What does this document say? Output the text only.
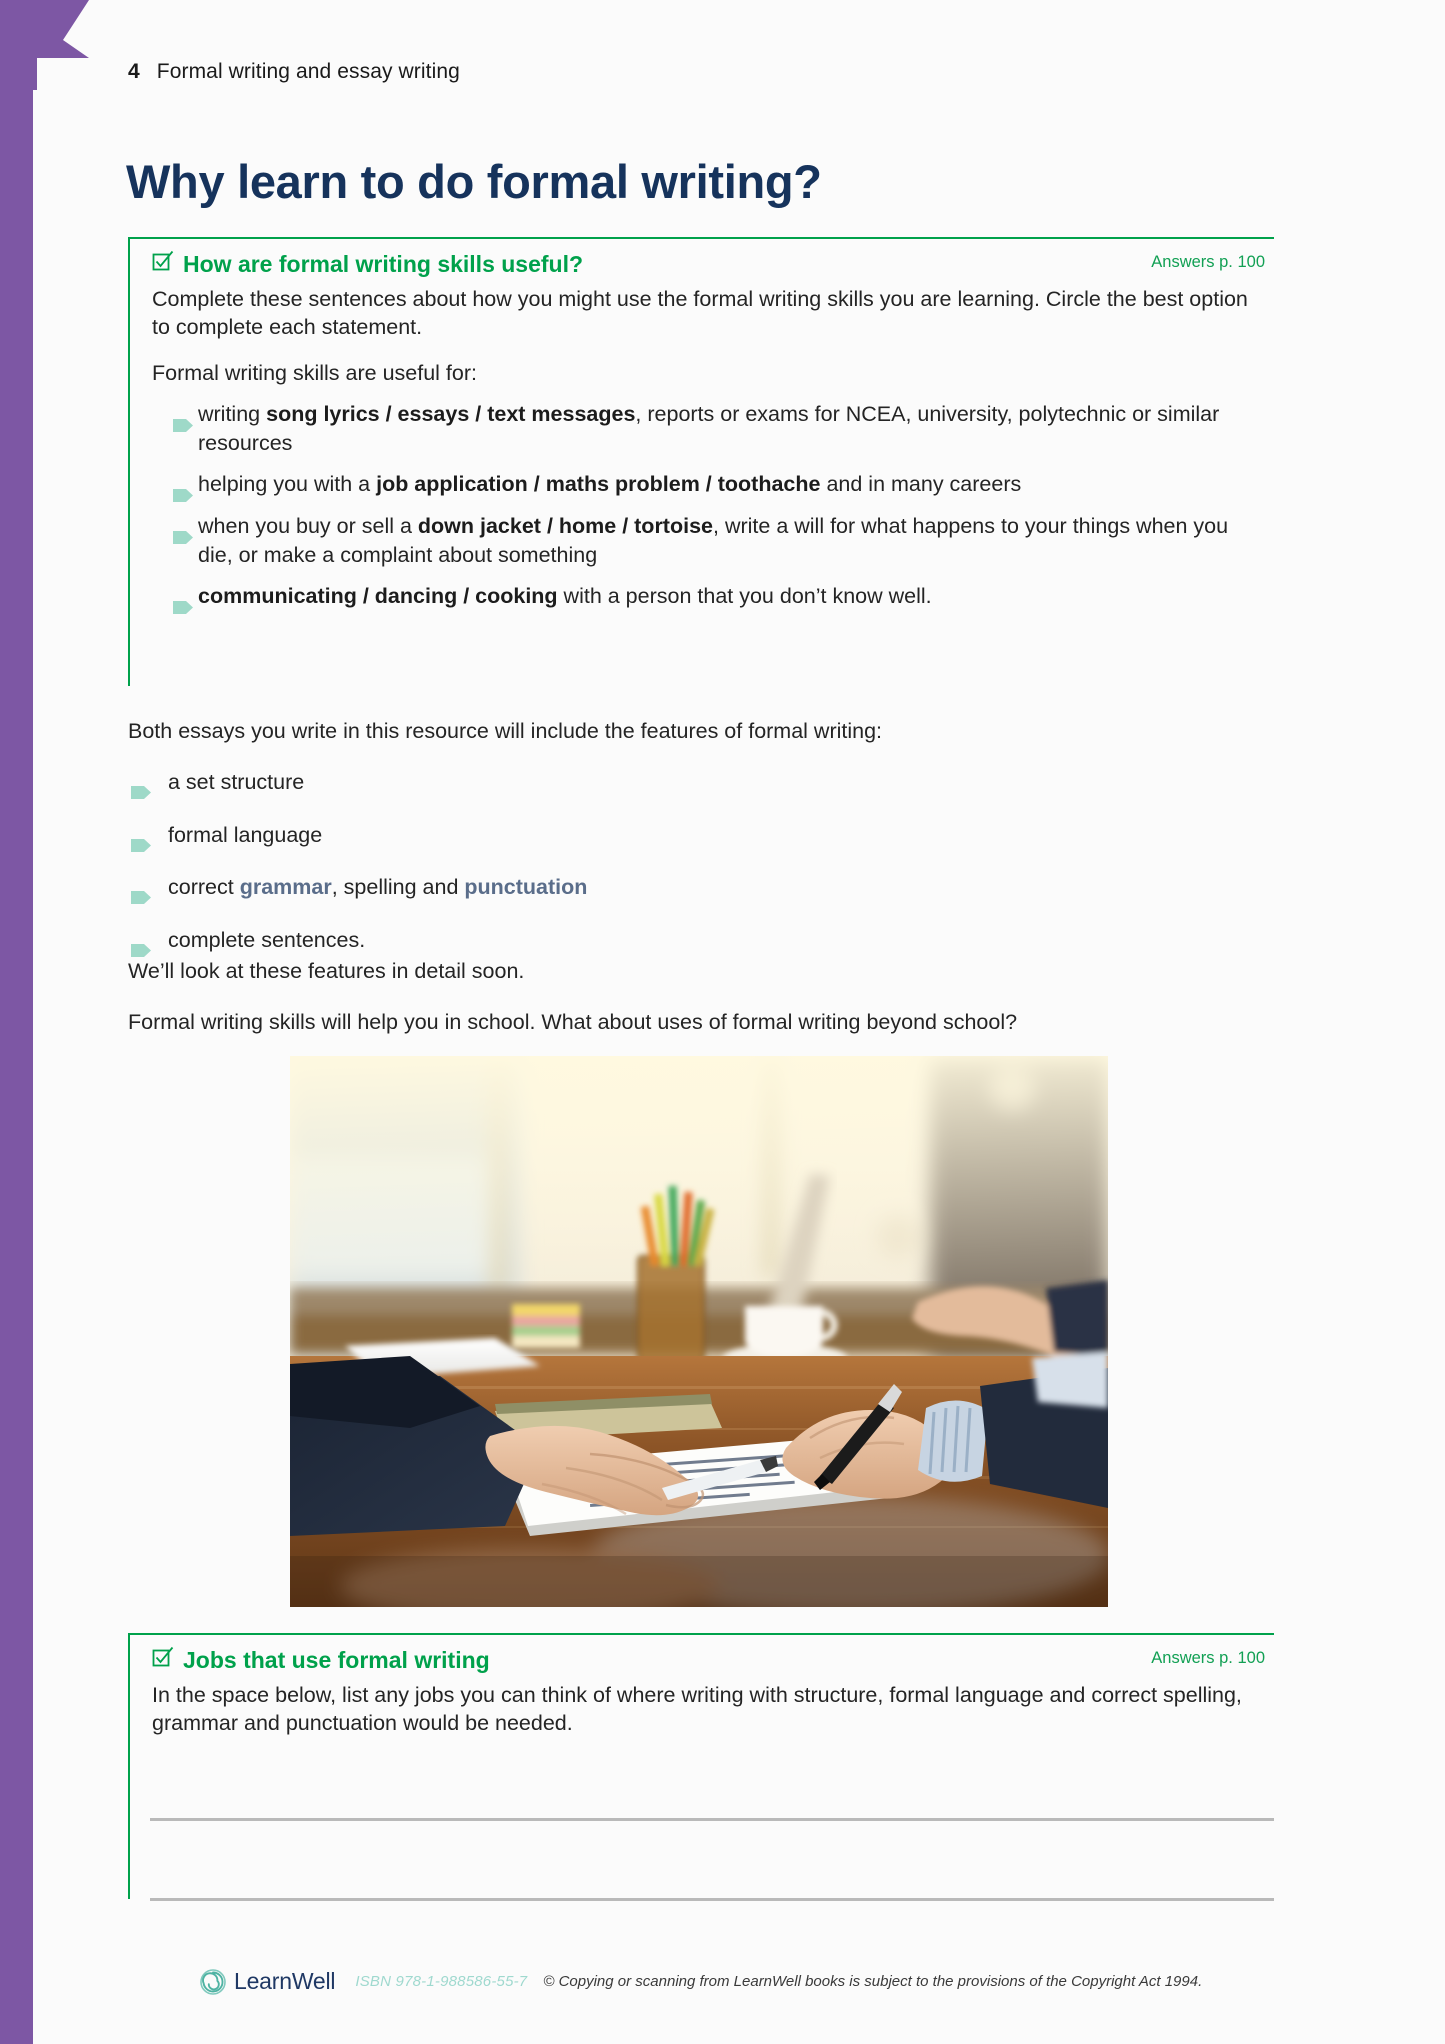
4 Formal writing and essay writing
Why learn to do formal writing?
How are formal writing skills useful?	Answers p. 100

Complete these sentences about how you might use the formal writing skills you are learning. Circle the best option to complete each statement.

Formal writing skills are useful for:

writing song lyrics / essays / text messages, reports or exams for NCEA, university, polytechnic or similar resources
helping you with a job application / maths problem / toothache and in many careers
when you buy or sell a down jacket / home / tortoise, write a will for what happens to your things when you die, or make a complaint about something
communicating / dancing / cooking with a person that you don’t know well.
Both essays you write in this resource will include the features of formal writing:
a set structure
formal language
correct grammar, spelling and punctuation
complete sentences.
We’ll look at these features in detail soon.
Formal writing skills will help you in school. What about uses of formal writing beyond school?
Jobs that use formal writing	Answers p. 100

In the space below, list any jobs you can think of where writing with structure, formal language and correct spelling, grammar and punctuation would be needed.

LearnWell ISBN 978-1-988586-55-7 © Copying or scanning from LearnWell books is subject to the provisions of the Copyright Act 1994.
